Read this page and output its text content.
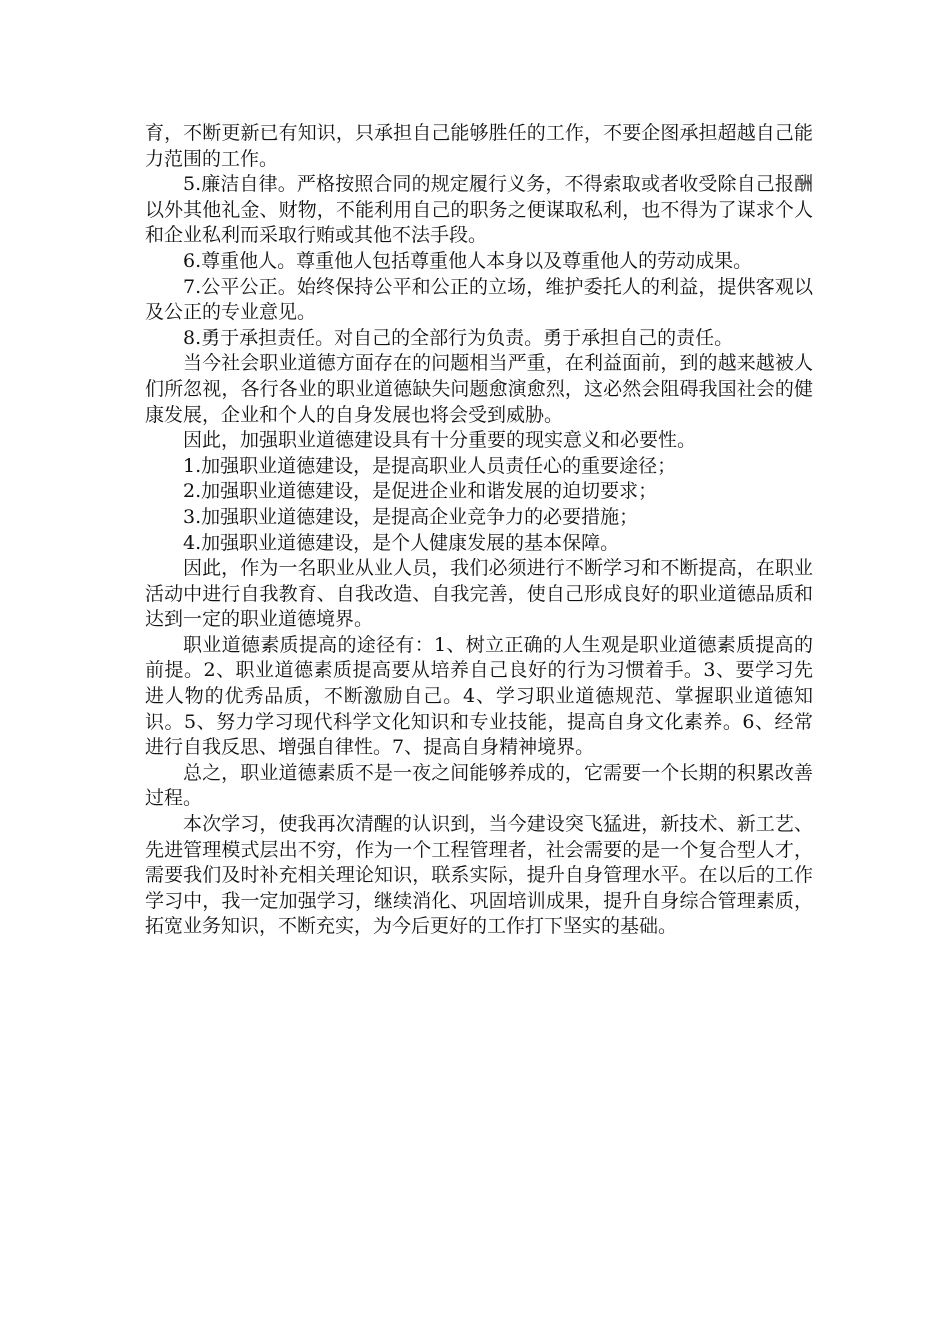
育，不断更新已有知识，只承担自己能够胜任的工作，不要企图承担超越自己能力范围的工作。

5.廉洁自律。严格按照合同的规定履行义务，不得索取或者收受除自己报酬以外其他礼金、财物，不能利用自己的职务之便谋取私利，也不得为了谋求个人和企业私利而采取行贿或其他不法手段。

6.尊重他人。尊重他人包括尊重他人本身以及尊重他人的劳动成果。

7.公平公正。始终保持公平和公正的立场，维护委托人的利益，提供客观以及公正的专业意见。

8.勇于承担责任。对自己的全部行为负责。勇于承担自己的责任。

当今社会职业道德方面存在的问题相当严重，在利益面前，到的越来越被人们所忽视，各行各业的职业道德缺失问题愈演愈烈，这必然会阻碍我国社会的健康发展，企业和个人的自身发展也将会受到威胁。

因此，加强职业道德建设具有十分重要的现实意义和必要性。

1.加强职业道德建设，是提高职业人员责任心的重要途径；

2.加强职业道德建设，是促进企业和谐发展的迫切要求；

3.加强职业道德建设，是提高企业竞争力的必要措施；

4.加强职业道德建设，是个人健康发展的基本保障。

因此，作为一名职业从业人员，我们必须进行不断学习和不断提高，在职业活动中进行自我教育、自我改造、自我完善，使自己形成良好的职业道德品质和达到一定的职业道德境界。

职业道德素质提高的途径有：1、树立正确的人生观是职业道德素质提高的前提。2、职业道德素质提高要从培养自己良好的行为习惯着手。3、要学习先进人物的优秀品质，不断激励自己。4、学习职业道德规范、掌握职业道德知识。5、努力学习现代科学文化知识和专业技能，提高自身文化素养。6、经常进行自我反思、增强自律性。7、提高自身精神境界。

总之，职业道德素质不是一夜之间能够养成的，它需要一个长期的积累改善过程。

本次学习，使我再次清醒的认识到，当今建设突飞猛进，新技术、新工艺、先进管理模式层出不穷，作为一个工程管理者，社会需要的是一个复合型人才，需要我们及时补充相关理论知识，联系实际，提升自身管理水平。在以后的工作学习中，我一定加强学习，继续消化、巩固培训成果，提升自身综合管理素质，拓宽业务知识，不断充实，为今后更好的工作打下坚实的基础。
